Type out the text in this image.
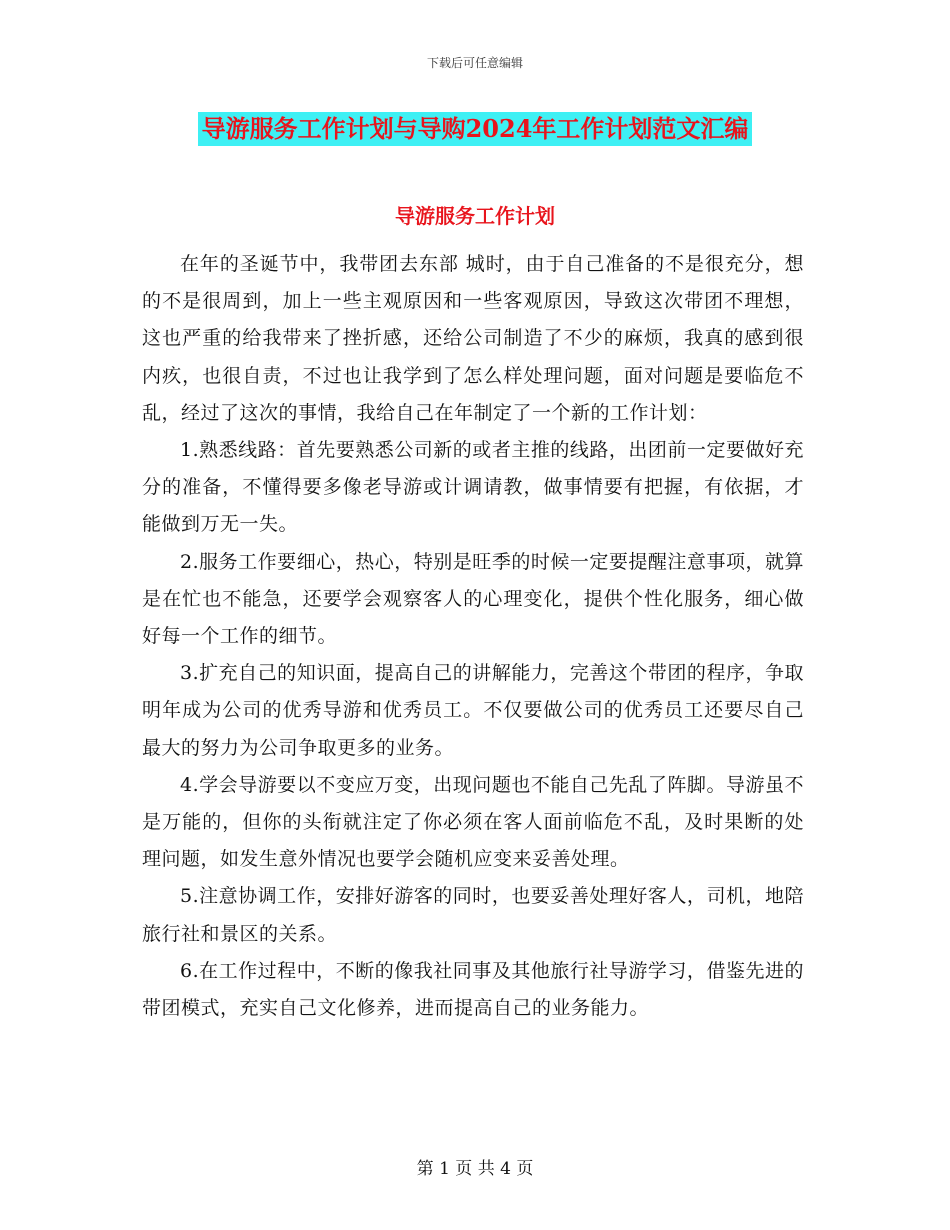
下载后可任意编辑
导游服务工作计划与导购2024年工作计划范文汇编
导游服务工作计划

在年的圣诞节中，我带团去东部 城时，由于自己准备的不是很充分，想的不是很周到，加上一些主观原因和一些客观原因，导致这次带团不理想，这也严重的给我带来了挫折感，还给公司制造了不少的麻烦，我真的感到很内疚，也很自责，不过也让我学到了怎么样处理问题，面对问题是要临危不乱，经过了这次的事情，我给自己在年制定了一个新的工作计划：

1.熟悉线路：首先要熟悉公司新的或者主推的线路，出团前一定要做好充分的准备，不懂得要多像老导游或计调请教，做事情要有把握，有依据，才能做到万无一失。

2.服务工作要细心，热心，特别是旺季的时候一定要提醒注意事项，就算是在忙也不能急，还要学会观察客人的心理变化，提供个性化服务，细心做好每一个工作的细节。

3.扩充自己的知识面，提高自己的讲解能力，完善这个带团的程序，争取明年成为公司的优秀导游和优秀员工。不仅要做公司的优秀员工还要尽自己最大的努力为公司争取更多的业务。

4.学会导游要以不变应万变，出现问题也不能自己先乱了阵脚。导游虽不是万能的，但你的头衔就注定了你必须在客人面前临危不乱，及时果断的处理问题，如发生意外情况也要学会随机应变来妥善处理。

5.注意协调工作，安排好游客的同时，也要妥善处理好客人，司机，地陪旅行社和景区的关系。

6.在工作过程中，不断的像我社同事及其他旅行社导游学习，借鉴先进的带团模式，充实自己文化修养，进而提高自己的业务能力。

第 1 页 共 4 页
